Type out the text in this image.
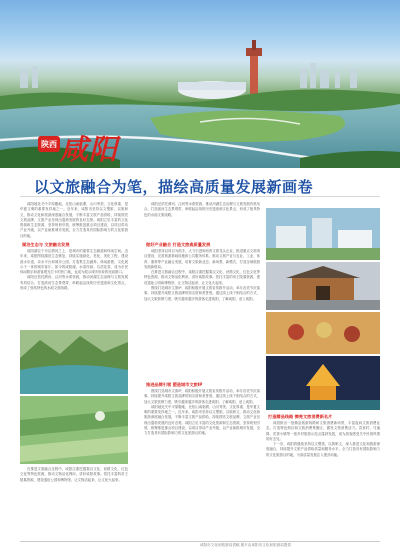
陕西 咸阳
以文旅融合为笔，描绘高质量发展新画卷

咸阳地处关中平原腹地，北依山南临渭，山川秀美、文化厚重，是华夏文明的重要发祥地之一。近年来，咸阳市坚持以文塑旅、以旅彰文，推动文化和旅游深度融合发展，不断丰富文旅产品供给，持续擦亮文旅品牌，文旅产业呈现出蓬勃发展的良好态势。咸阳立足丰富的文化资源和生态资源，坚持规划引领，统筹推进重点项目建设，以项目带动产业升级，以产业助推城市发展，全力打造具有国际影响力的文化旅游目的地。

湖泊生态与 文旅融合发展

咸阳湖位于市区渭河之上，是城市的重要生态廊道和休闲空间。近年来，咸阳围绕湖泊生态修复，持续实施绿化、亮化、美化工程，建设滨水步道、亲水平台和城市公园，打造集生态涵养、休闲游憩、文化展示于一体的城市客厅。如今的咸阳湖，水清岸绿、鸟语花香，成为市民休闲娱乐和游客观光打卡的热门地，也成为展示城市形象的亮丽窗口。

咸阳还依托渭河、泾河等水系资源，推动河湖生态治理与文旅发展有机结合，打造滨河生态景观带，串联起沿线的历史遗迹和文化景点，形成了独具特色的水韵文旅线路。

在推进文旅融合过程中，咸阳注重挖掘秦汉文化、丝路文化、红色文化等特色资源，推动文物活化利用，讲好咸阳故事。依托丰富的帝王陵墓资源，建设遗址公园和博物馆，让文物活起来、让文化火起来。

咸阳还依托渭河、泾河等水系资源，推动河湖生态治理与文旅发展有机结合，打造滨河生态景观带，串联起沿线的历史遗迹和文化景点，形成了独具特色的水韵文旅线路。

做好产业融合 打造文旅高质量发展

咸阳坚持以项目为抓手，大力引进和培育文旅龙头企业，推进重点文旅项目建设，完善旅游基础设施和公共服务体系，推动文旅产业与农业、工业、体育、康养等产业融合发展，培育文旅新业态、新场景、新模式，打造全域旅游发展新格局。

在推进文旅融合过程中，咸阳注重挖掘秦汉文化、丝路文化、红色文化等特色资源，推动文物活化利用，讲好咸阳故事。依托丰富的帝王陵墓资源，建设遗址公园和博物馆，让文物活起来、让文化火起来。

围绕打造城市文旅IP，咸阳积极开展文旅宣传推介活动，举办各类节庆赛事，持续提升咸阳文旅品牌的知名度和美誉度。通过线上线下相结合的方式，加大文旅营销力度，吸引越来越多的游客走进咸阳、了解咸阳、爱上咸阳。

推进品牌引领 塑造城市文旅IP

围绕打造城市文旅IP，咸阳积极开展文旅宣传推介活动，举办各类节庆赛事，持续提升咸阳文旅品牌的知名度和美誉度。通过线上线下相结合的方式，加大文旅营销力度，吸引越来越多的游客走进咸阳、了解咸阳、爱上咸阳。

咸阳地处关中平原腹地，北依山南临渭，山川秀美、文化厚重，是华夏文明的重要发祥地之一。近年来，咸阳市坚持以文塑旅、以旅彰文，推动文化和旅游深度融合发展，不断丰富文旅产品供给，持续擦亮文旅品牌，文旅产业呈现出蓬勃发展的良好态势。咸阳立足丰富的文化资源和生态资源，坚持规划引领，统筹推进重点项目建设，以项目带动产业升级，以产业助推城市发展，全力打造具有国际影响力的文化旅游目的地。

打造精品线路 擦亮文旅消费新名片

咸阳推出一批精品旅游线路和文旅消费新场景，丰富夜间文旅消费业态，打造特色街区和文旅消费集聚区，激发文旅消费活力。袁家村、马嵬驿、茯茶小镇等一批乡村旅游示范点蓬勃发展，成为游客感受关中民俗风情的好去处。

下一步，咸阳将继续坚持以文塑旅、以旅彰文，深入推进文化和旅游深度融合，持续提升文旅产品供给质量和服务水平，全力打造具有国际影响力的文化旅游目的地，为高质量发展注入强劲动能。

咸阳市文化和旅游局供稿 图片由咸阳市文化和旅游局提供
